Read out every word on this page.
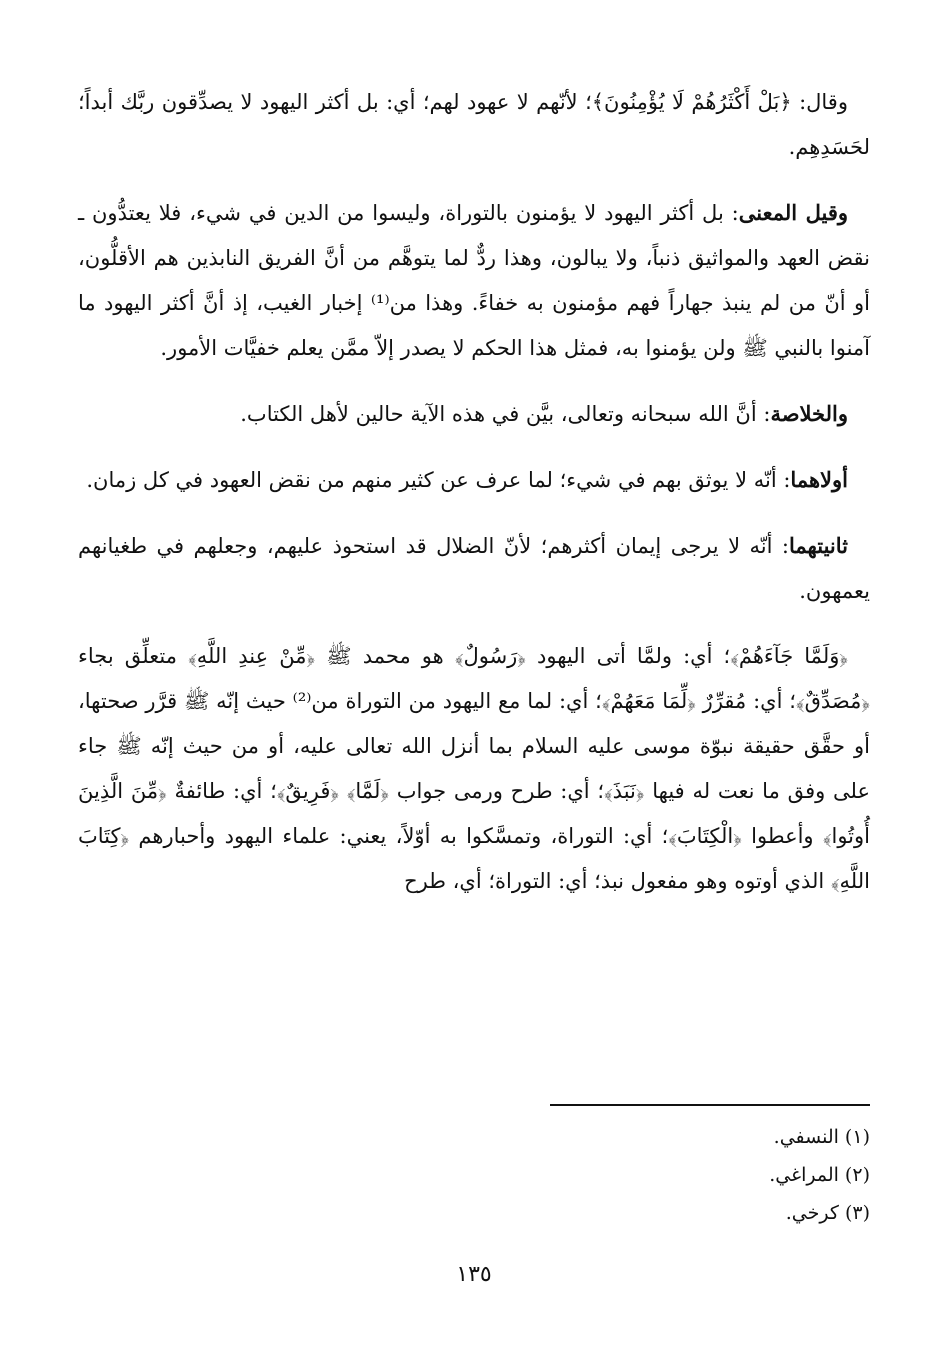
وقال: ﴿بَلْ أَكْثَرُهُمْ لَا يُؤْمِنُونَ﴾؛ لأنّهم لا عهود لهم؛ أي: بل أكثر اليهود لا يصدِّقون ربَّك أبداً؛ لحَسَدِهِم.

وقيل المعنى: بل أكثر اليهود لا يؤمنون بالتوراة، وليسوا من الدين في شيء، فلا يعتدُّون ـ نقض العهد والمواثيق ذنباً، ولا يبالون، وهذا ردٌّ لما يتوهَّم من أنَّ الفريق النابذين هم الأقلُّون، أو أنّ من لم ينبذ جهاراً فهم مؤمنون به خفاءً. وهذا من⁽¹⁾ إخبار الغيب، إذ أنَّ أكثر اليهود ما آمنوا بالنبي ﷺ ولن يؤمنوا به، فمثل هذا الحكم لا يصدر إلاّ ممَّن يعلم خفيَّات الأمور.

والخلاصة: أنَّ الله سبحانه وتعالى، بيَّن في هذه الآية حالين لأهل الكتاب.

أولاهما: أنّه لا يوثق بهم في شيء؛ لما عرف عن كثير منهم من نقض العهود في كل زمان.

ثانيتهما: أنّه لا يرجى إيمان أكثرهم؛ لأنّ الضلال قد استحوذ عليهم، وجعلهم في طغيانهم يعمهون.

﴿وَلَمَّا جَآءَهُمْ﴾؛ أي: ولمَّا أتى اليهود ﴿رَسُولٌ﴾ هو محمد ﷺ ﴿مِّنْ عِندِ اللَّهِ﴾ متعلِّق بجاء ﴿مُصَدِّقٌ﴾؛ أي: مُقرِّرٌ ﴿لِّمَا مَعَهُمْ﴾؛ أي: لما مع اليهود من التوراة من⁽²⁾ حيث إنّه ﷺ قرَّر صحتها، أو حقَّق حقيقة نبوّة موسى عليه السلام بما أنزل الله تعالى عليه، أو من حيث إنّه ﷺ جاء على وفق ما نعت له فيها ﴿نَبَذَ﴾؛ أي: طرح ورمى جواب ﴿لَمَّا﴾ ﴿فَرِيقٌ﴾؛ أي: طائفةٌ ﴿مِّنَ الَّذِينَ أُوتُوا﴾ وأعطوا ﴿الْكِتَابَ﴾؛ أي: التوراة، وتمسَّكوا به أوّلاً، يعني: علماء اليهود وأحبارهم ﴿كِتَابَ اللَّهِ﴾ الذي أوتوه وهو مفعول نبذ؛ أي: التوراة؛ أي، طرح

(١) النسفي.
(٢) المراغي.
(٣) كرخي.
١٣٥
